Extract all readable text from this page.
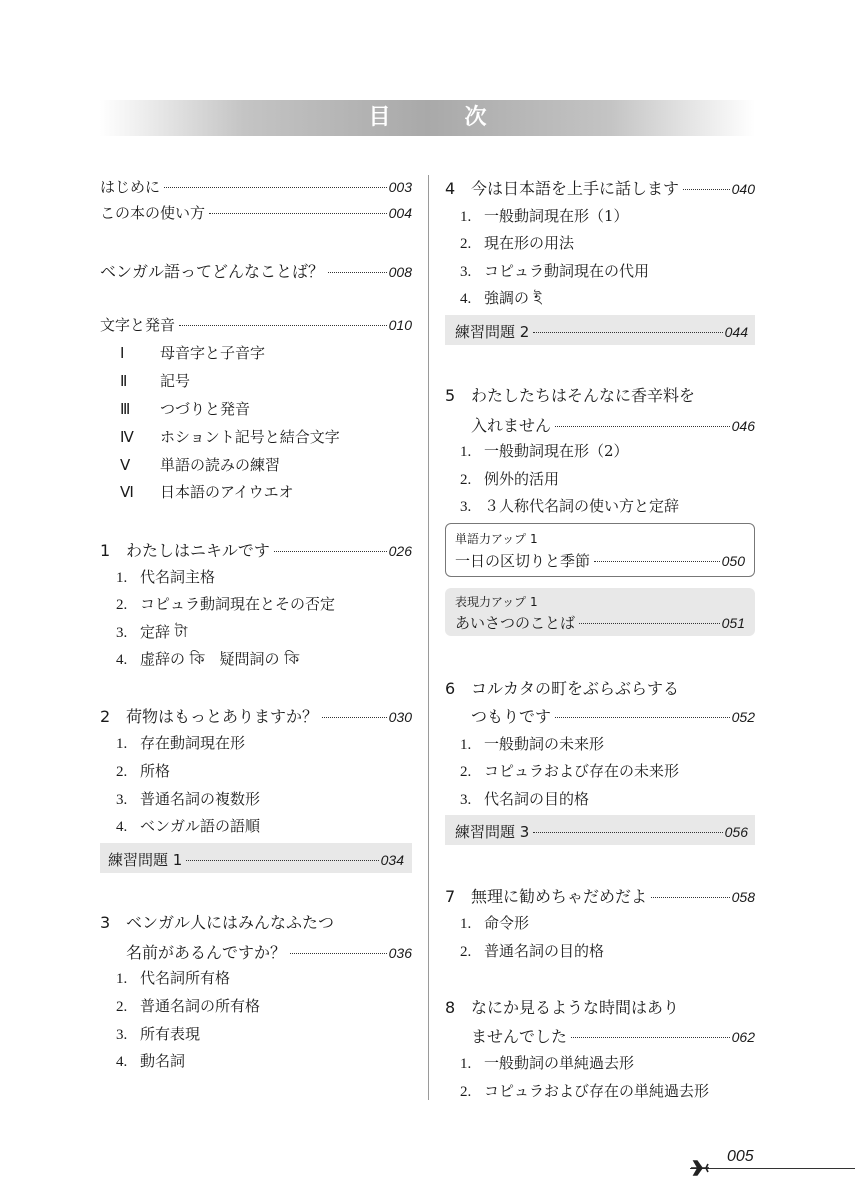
目　次
はじめに	003
この本の使い方	004
ベンガル語ってどんなことば？	008
文字と発音	010
Ⅰ	母音字と子音字
Ⅱ	記号
Ⅲ	つづりと発音
Ⅳ	ホショント記号と結合文字
Ⅴ	単語の読みの練習
Ⅵ	日本語のアイウエオ
1 わたしはニキルです	026
1. 代名詞主格
2. コピュラ動詞現在とその否定
3. 定辞 টা
4. 虚辞の কি　疑問詞の কি
2 荷物はもっとありますか？	030
1. 存在動詞現在形
2. 所格
3. 普通名詞の複数形
4. ベンガル語の語順
練習問題 1	034
3 ベンガル人にはみんなふたつ
名前があるんですか？	036
1. 代名詞所有格
2. 普通名詞の所有格
3. 所有表現
4. 動名詞
4 今は日本語を上手に話します	040
1. 一般動詞現在形（1）
2. 現在形の用法
3. コピュラ動詞現在の代用
4. 強調の ই
練習問題 2	044
5 わたしたちはそんなに香辛料を
入れません	046
1. 一般動詞現在形（2）
2. 例外的活用
3. ３人称代名詞の使い方と定辞
単語力アップ 1
一日の区切りと季節	050
表現力アップ 1
あいさつのことば	051
6 コルカタの町をぶらぶらする
つもりです	052
1. 一般動詞の未来形
2. コピュラおよび存在の未来形
3. 代名詞の目的格
練習問題 3	056
7 無理に勧めちゃだめだよ	058
1. 命令形
2. 普通名詞の目的格
8 なにか見るような時間はあり
ませんでした	062
1. 一般動詞の単純過去形
2. コピュラおよび存在の単純過去形
005
